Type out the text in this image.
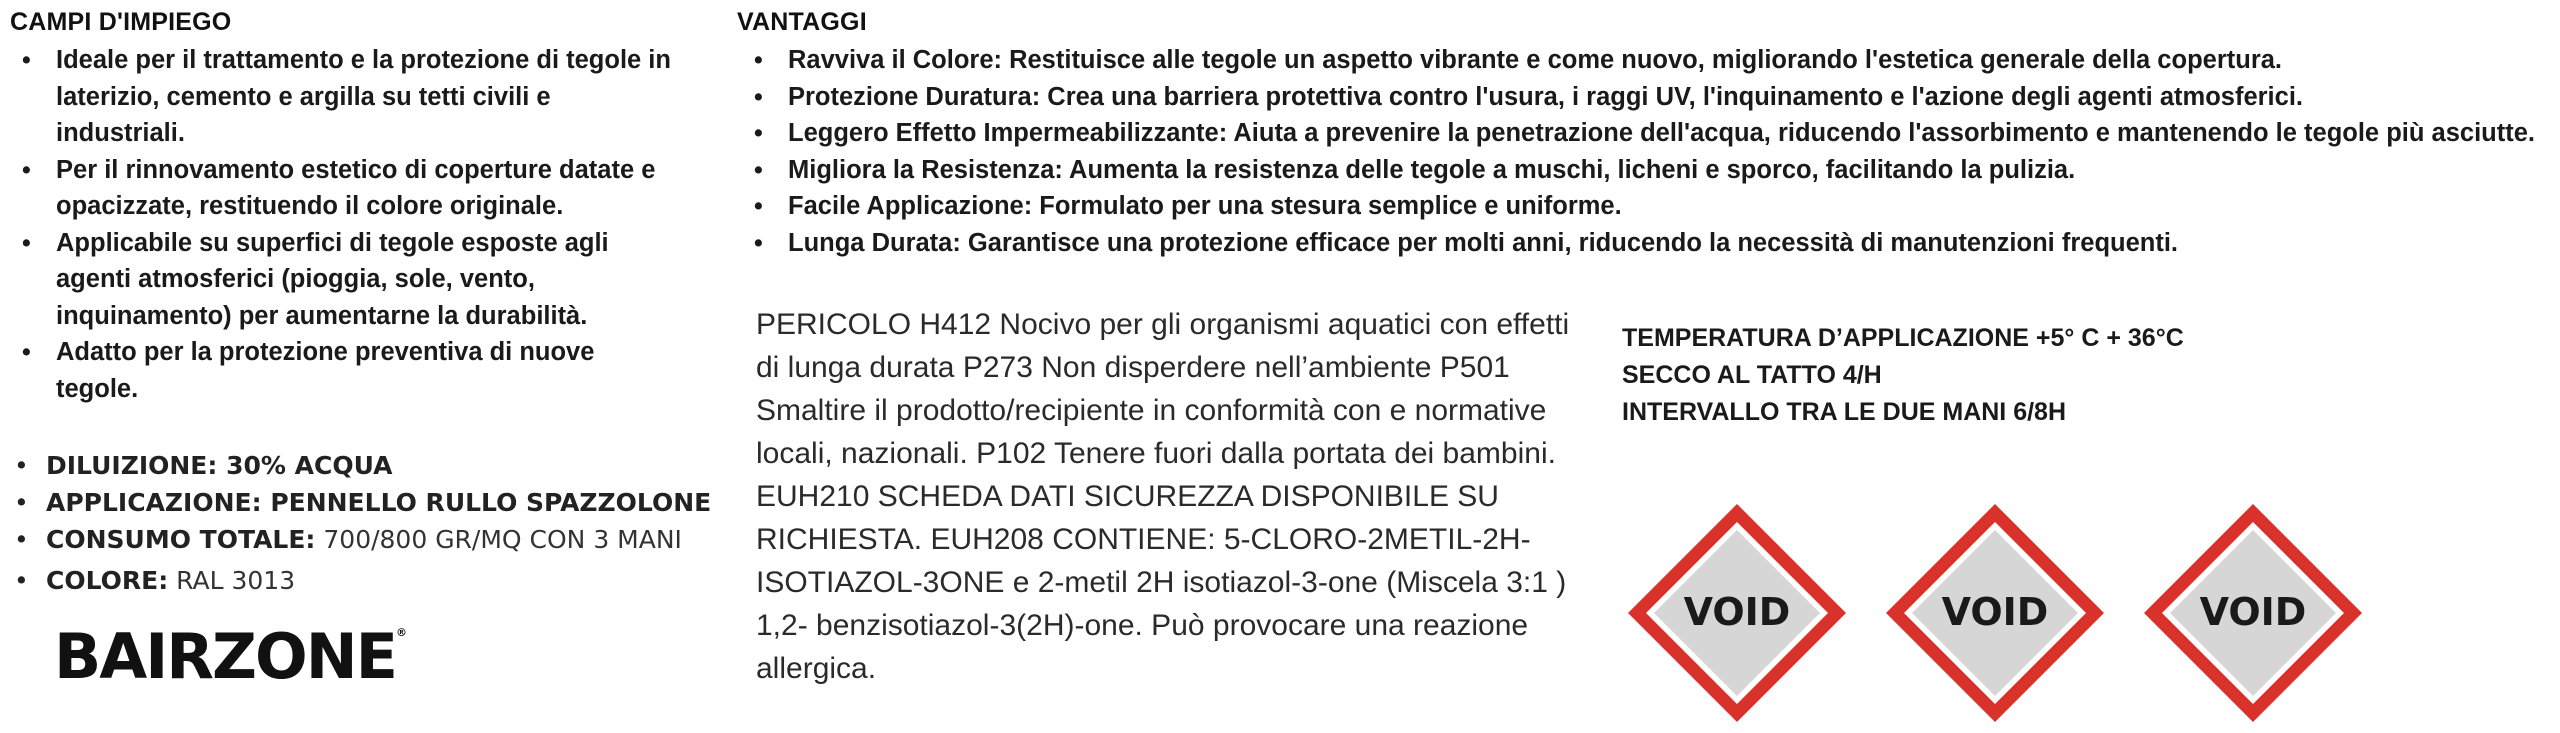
CAMPI D'IMPIEGO
• Ideale per il trattamento e la protezione di tegole in laterizio, cemento e argilla su tetti civili e industriali.
• Per il rinnovamento estetico di coperture datate e opacizzate, restituendo il colore originale.
• Applicabile su superfici di tegole esposte agli agenti atmosferici (pioggia, sole, vento, inquinamento) per aumentarne la durabilità.
• Adatto per la protezione preventiva di nuove tegole.
• DILUIZIONE: 30% ACQUA
• APPLICAZIONE: PENNELLO RULLO SPAZZOLONE
• CONSUMO TOTALE: 700/800 GR/MQ CON 3 MANI
• COLORE: RAL 3013
BAIRZONE®
VANTAGGI
• Ravviva il Colore: Restituisce alle tegole un aspetto vibrante e come nuovo, migliorando l'estetica generale della copertura.
• Protezione Duratura: Crea una barriera protettiva contro l'usura, i raggi UV, l'inquinamento e l'azione degli agenti atmosferici.
• Leggero Effetto Impermeabilizzante: Aiuta a prevenire la penetrazione dell'acqua, riducendo l'assorbimento e mantenendo le tegole più asciutte.
• Migliora la Resistenza: Aumenta la resistenza delle tegole a muschi, licheni e sporco, facilitando la pulizia.
• Facile Applicazione: Formulato per una stesura semplice e uniforme.
• Lunga Durata: Garantisce una protezione efficace per molti anni, riducendo la necessità di manutenzioni frequenti.
PERICOLO H412 Nocivo per gli organismi aquatici con effetti di lunga durata P273 Non disperdere nell’ambiente P501 Smaltire il prodotto/recipiente in conformità con e normative locali, nazionali. P102 Tenere fuori dalla portata dei bambini. EUH210 SCHEDA DATI SICUREZZA DISPONIBILE SU RICHIESTA. EUH208 CONTIENE: 5-CLORO-2METIL-2H-ISOTIAZOL-3ONE e 2-metil 2H isotiazol-3-one (Miscela 3:1 ) 1,2- benzisotiazol-3(2H)-one. Può provocare una reazione allergica.
TEMPERATURA D’APPLICAZIONE +5° C + 36°C
SECCO AL TATTO 4/H
INTERVALLO TRA LE DUE MANI 6/8H
VOID	VOID	VOID
